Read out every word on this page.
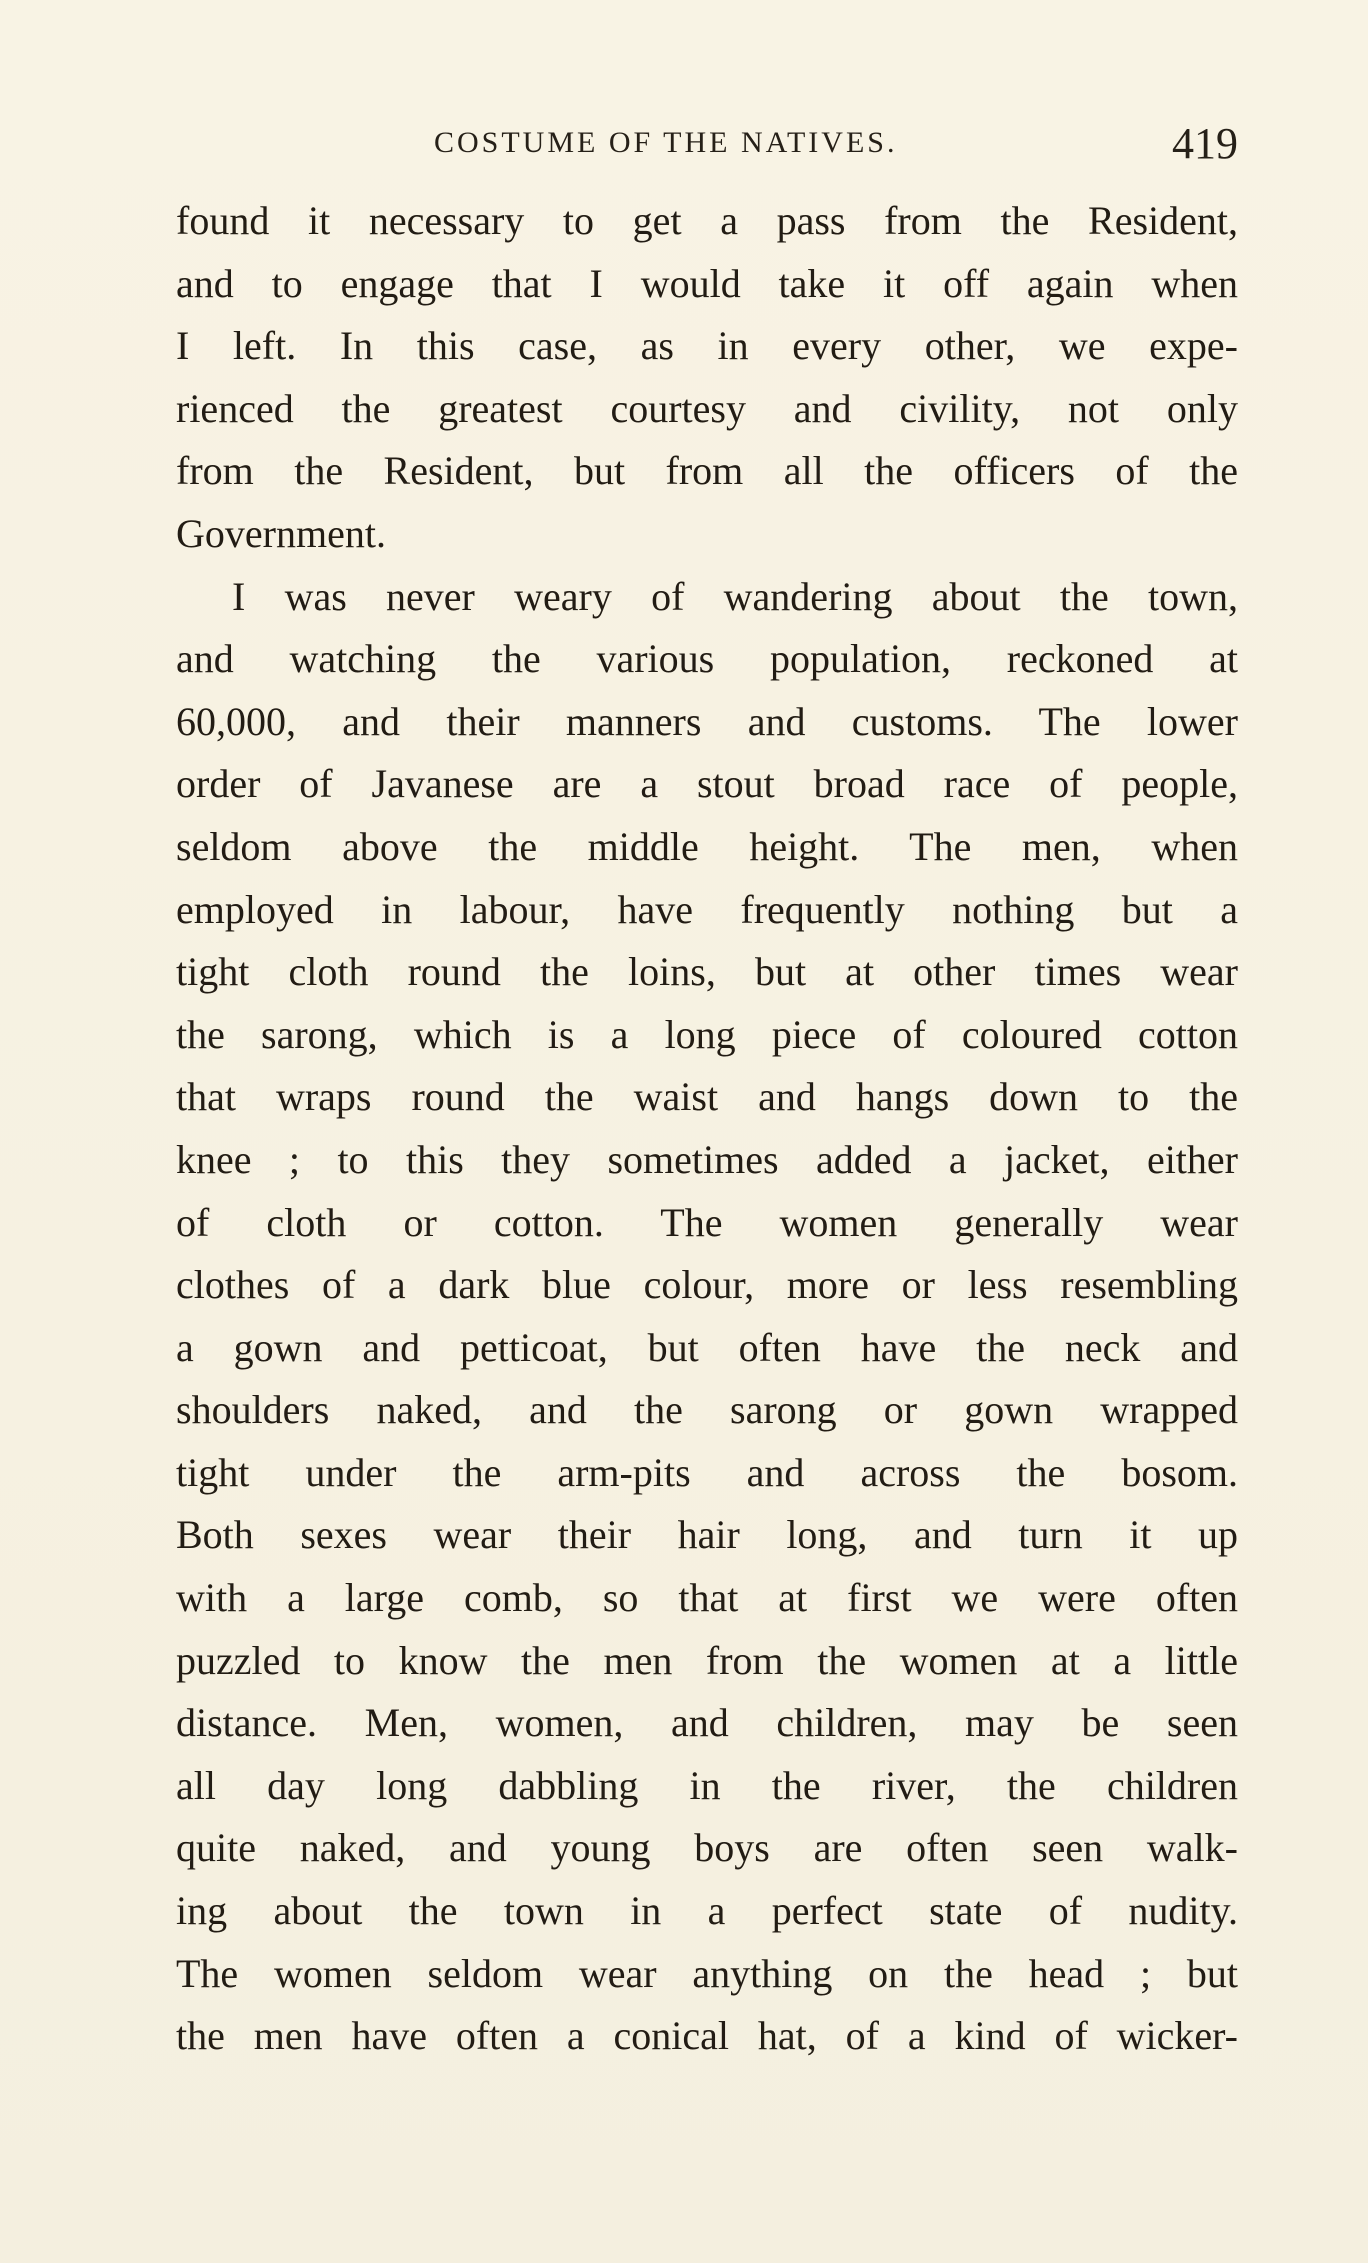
COSTUME OF THE NATIVES.	419
found it necessary to get a pass from the Resident,
and to engage that I would take it off again when
I left. In this case, as in every other, we expe-
rienced the greatest courtesy and civility, not only
from the Resident, but from all the officers of the
Government.
I was never weary of wandering about the town,
and watching the various population, reckoned at
60,000, and their manners and customs. The lower
order of Javanese are a stout broad race of people,
seldom above the middle height. The men, when
employed in labour, have frequently nothing but a
tight cloth round the loins, but at other times wear
the sarong, which is a long piece of coloured cotton
that wraps round the waist and hangs down to the
knee ; to this they sometimes added a jacket, either
of cloth or cotton. The women generally wear
clothes of a dark blue colour, more or less resembling
a gown and petticoat, but often have the neck and
shoulders naked, and the sarong or gown wrapped
tight under the arm-pits and across the bosom.
Both sexes wear their hair long, and turn it up
with a large comb, so that at first we were often
puzzled to know the men from the women at a little
distance. Men, women, and children, may be seen
all day long dabbling in the river, the children
quite naked, and young boys are often seen walk-
ing about the town in a perfect state of nudity.
The women seldom wear anything on the head ; but
the men have often a conical hat, of a kind of wicker-
